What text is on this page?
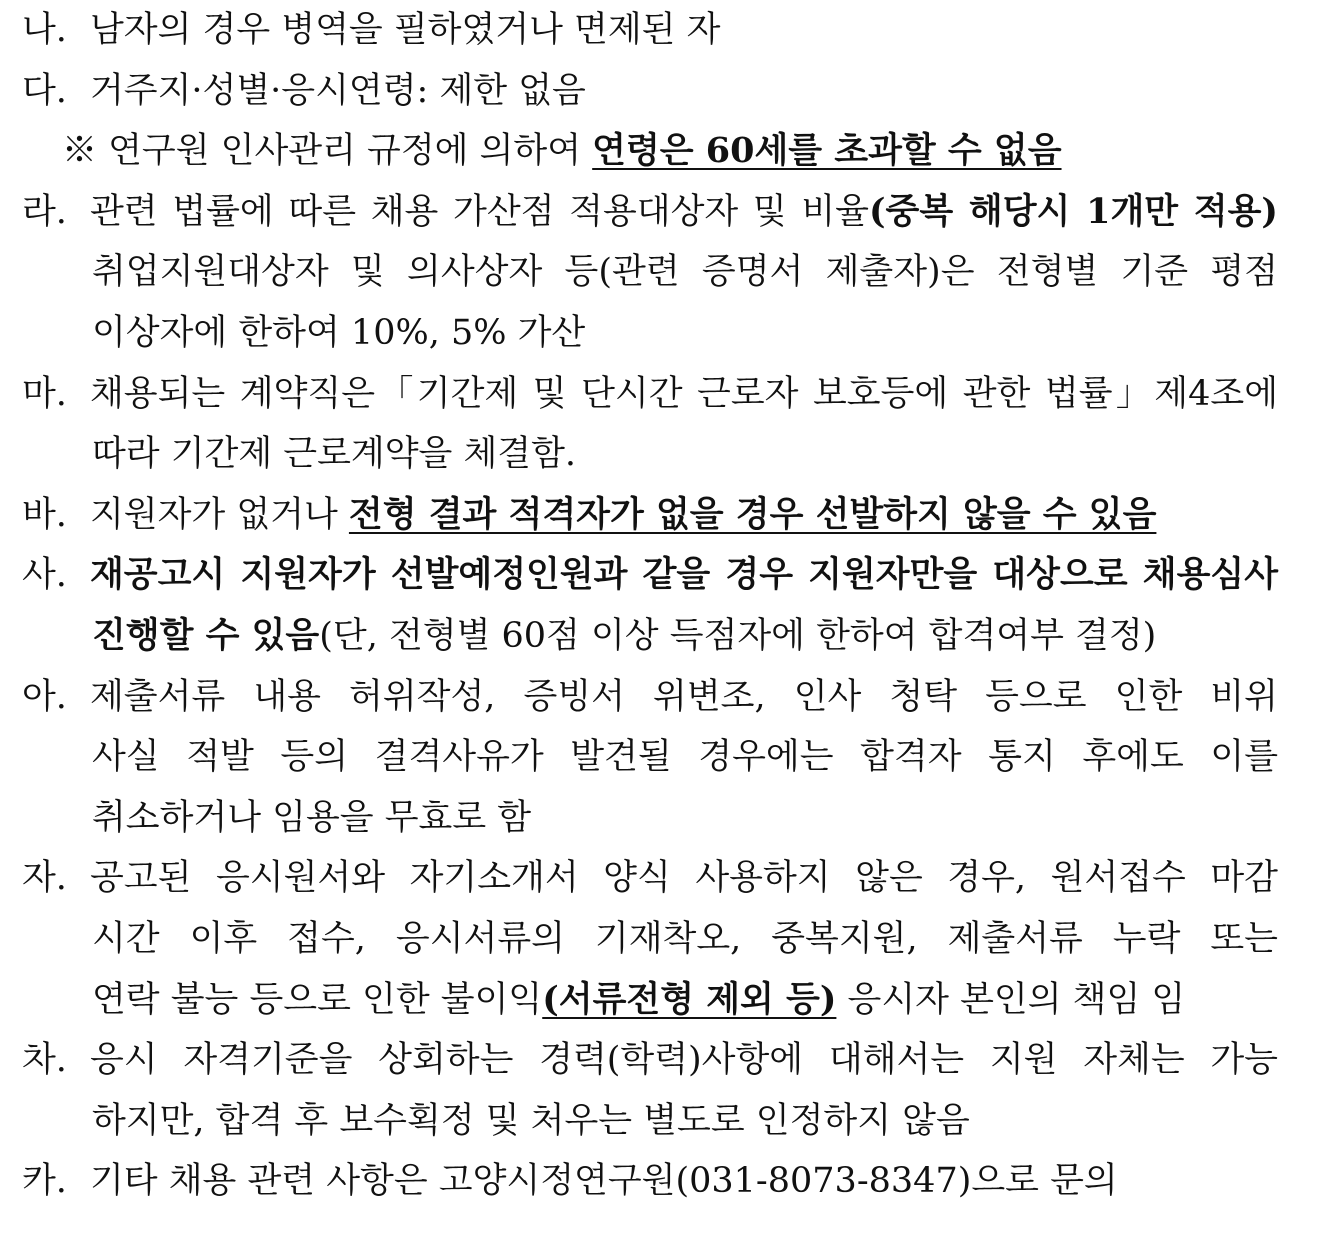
나. 남자의 경우 병역을 필하였거나 면제된 자
다. 거주지·성별·응시연령: 제한 없음
※ 연구원 인사관리 규정에 의하여 연령은 60세를 초과할 수 없음
라. 관련 법률에 따른 채용 가산점 적용대상자 및 비율(중복 해당시 1개만 적용)
취업지원대상자 및 의사상자 등(관련 증명서 제출자)은 전형별 기준 평점
이상자에 한하여 10%, 5% 가산
마. 채용되는 계약직은「기간제 및 단시간 근로자 보호등에 관한 법률」제4조에
따라 기간제 근로계약을 체결함.
바. 지원자가 없거나 전형 결과 적격자가 없을 경우 선발하지 않을 수 있음
사. 재공고시 지원자가 선발예정인원과 같을 경우 지원자만을 대상으로 채용심사
진행할 수 있음(단, 전형별 60점 이상 득점자에 한하여 합격여부 결정)
아. 제출서류 내용 허위작성, 증빙서 위변조, 인사 청탁 등으로 인한 비위
사실 적발 등의 결격사유가 발견될 경우에는 합격자 통지 후에도 이를
취소하거나 임용을 무효로 함
자. 공고된 응시원서와 자기소개서 양식 사용하지 않은 경우, 원서접수 마감
시간 이후 접수, 응시서류의 기재착오, 중복지원, 제출서류 누락 또는
연락 불능 등으로 인한 불이익(서류전형 제외 등) 응시자 본인의 책임 임
차. 응시 자격기준을 상회하는 경력(학력)사항에 대해서는 지원 자체는 가능
하지만, 합격 후 보수획정 및 처우는 별도로 인정하지 않음
카. 기타 채용 관련 사항은 고양시정연구원(031-8073-8347)으로 문의
